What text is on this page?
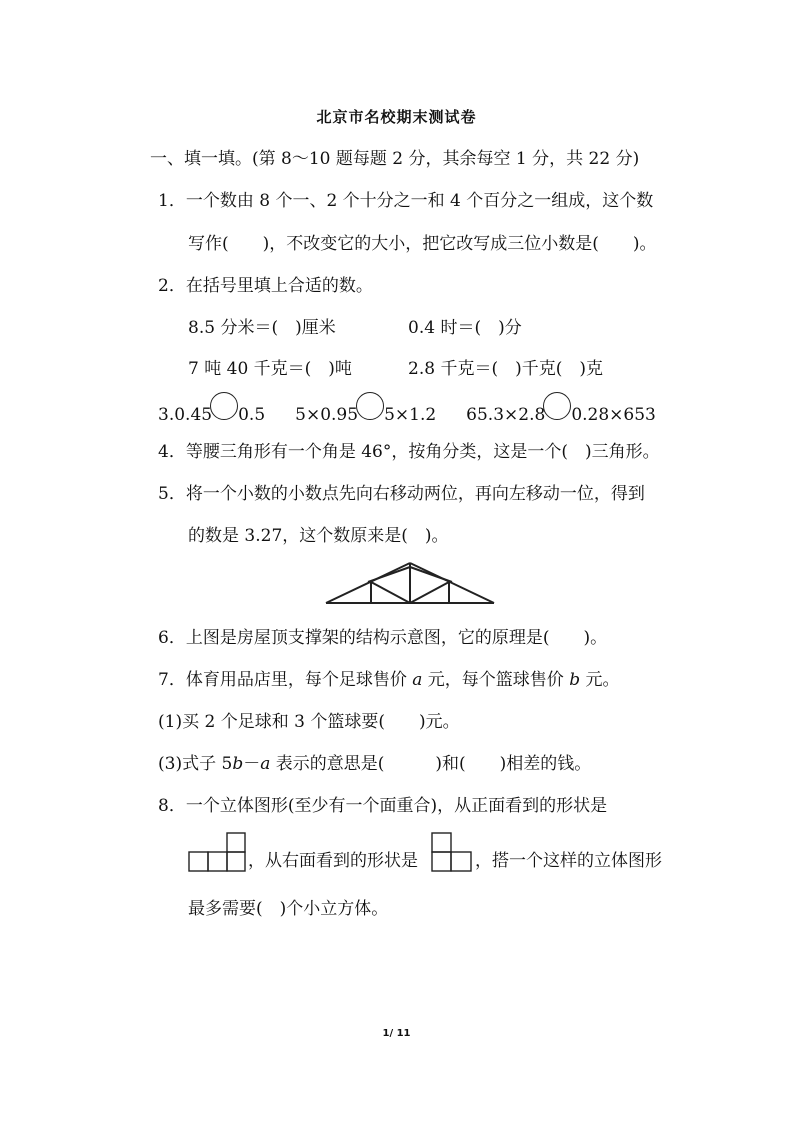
北京市名校期末测试卷
一、填一填。(第 8～10 题每题 2 分，其余每空 1 分，共 22 分)
1．一个数由 8 个一、2 个十分之一和 4 个百分之一组成，这个数
写作(　　)，不改变它的大小，把它改写成三位小数是(　　)。
2．在括号里填上合适的数。
8.5 分米＝(　)厘米	0.4 时＝(　)分
7 吨 40 千克＝(　)吨	2.8 千克＝(　)千克(　)克
3.0.45 0.5 5×0.95 5×1.2 65.3×2.8 0.28×653
4．等腰三角形有一个角是 46°，按角分类，这是一个(　)三角形。
5．将一个小数的小数点先向右移动两位，再向左移动一位，得到
的数是 3.27，这个数原来是(　)。
6．上图是房屋顶支撑架的结构示意图，它的原理是(　　)。
7．体育用品店里，每个足球售价 a 元，每个篮球售价 b 元。
(1)买 2 个足球和 3 个篮球要(　　)元。
(3)式子 5b－a 表示的意思是(　　　)和(　　)相差的钱。
8．一个立体图形(至少有一个面重合)，从正面看到的形状是
，从右面看到的形状是	，搭一个这样的立体图形
最多需要(　)个小立方体。
1/ 11
